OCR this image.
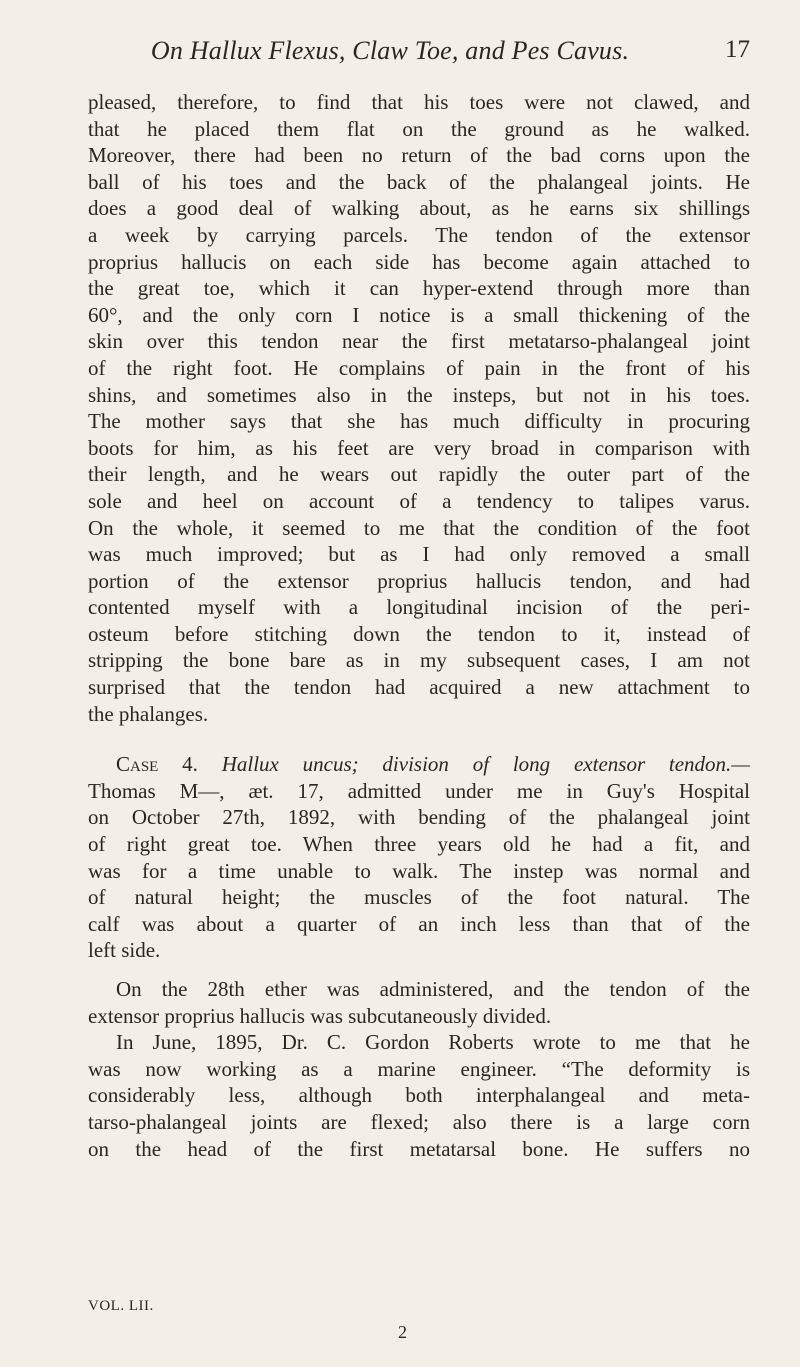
On Hallux Flexus, Claw Toe, and Pes Cavus.	17
pleased, therefore, to find that his toes were not clawed, and
that he placed them flat on the ground as he walked.
Moreover, there had been no return of the bad corns upon the
ball of his toes and the back of the phalangeal joints. He
does a good deal of walking about, as he earns six shillings
a week by carrying parcels. The tendon of the extensor
proprius hallucis on each side has become again attached to
the great toe, which it can hyper-extend through more than
60°, and the only corn I notice is a small thickening of the
skin over this tendon near the first metatarso-phalangeal joint
of the right foot. He complains of pain in the front of his
shins, and sometimes also in the insteps, but not in his toes.
The mother says that she has much difficulty in procuring
boots for him, as his feet are very broad in comparison with
their length, and he wears out rapidly the outer part of the
sole and heel on account of a tendency to talipes varus.
On the whole, it seemed to me that the condition of the foot
was much improved; but as I had only removed a small
portion of the extensor proprius hallucis tendon, and had
contented myself with a longitudinal incision of the peri-
osteum before stitching down the tendon to it, instead of
stripping the bone bare as in my subsequent cases, I am not
surprised that the tendon had acquired a new attachment to
the phalanges.
Case 4. Hallux uncus; division of long extensor tendon.—
Thomas M—, æt. 17, admitted under me in Guy's Hospital
on October 27th, 1892, with bending of the phalangeal joint
of right great toe. When three years old he had a fit, and
was for a time unable to walk. The instep was normal and
of natural height; the muscles of the foot natural. The
calf was about a quarter of an inch less than that of the
left side.
On the 28th ether was administered, and the tendon of the
extensor proprius hallucis was subcutaneously divided.
In June, 1895, Dr. C. Gordon Roberts wrote to me that he
was now working as a marine engineer. “The deformity is
considerably less, although both interphalangeal and meta-
tarso-phalangeal joints are flexed; also there is a large corn
on the head of the first metatarsal bone. He suffers no
VOL. LII.
2
